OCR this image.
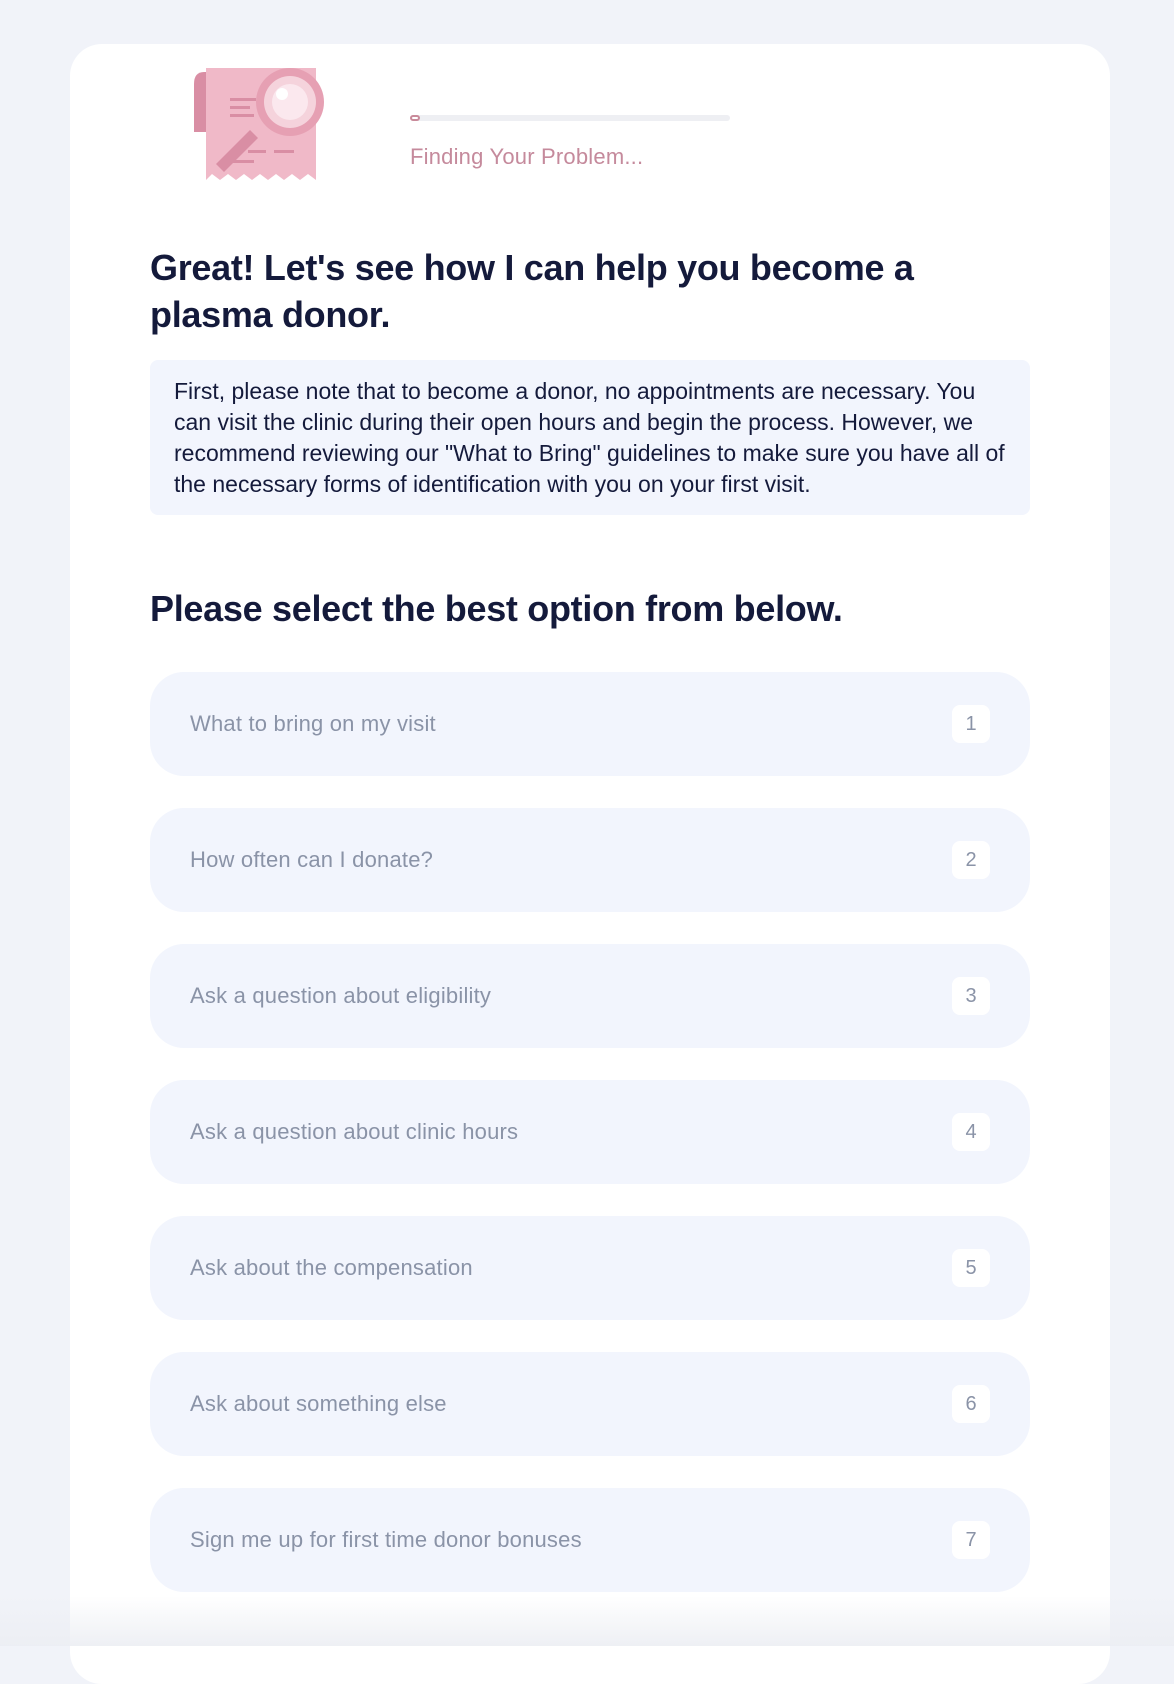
Finding Your Problem...
Great! Let's see how I can help you become a plasma donor.

First, please note that to become a donor, no appointments are necessary. You can visit the clinic during their open hours and begin the process. However, we recommend reviewing our "What to Bring" guidelines to make sure you have all of the necessary forms of identification with you on your first visit.

Please select the best option from below.
What to bring on my visit	1
How often can I donate?	2
Ask a question about eligibility	3
Ask a question about clinic hours	4
Ask about the compensation	5
Ask about something else	6
Sign me up for first time donor bonuses	7
